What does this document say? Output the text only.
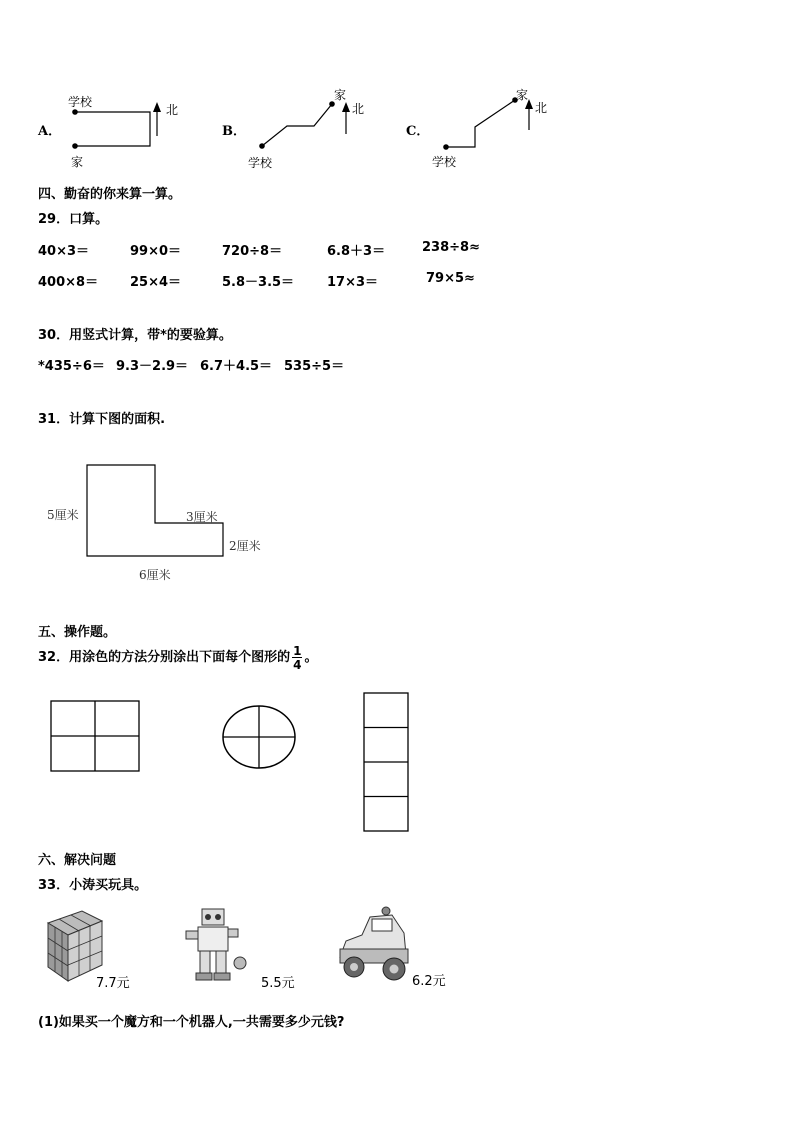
A．
学校
家
北
B．
学校
家
北
C．
学校
家
北
四、勤奋的你来算一算。
29．口算。
40×3＝	99×0＝	720÷8＝	6.8＋3＝	238÷8≈
400×8＝ 25×4＝	5.8－3.5＝	17×3＝	79×5≈
30．用竖式计算，带*的要验算。
*435÷6＝ 9.3－2.9＝ 6.7＋4.5＝ 535÷5＝
31．计算下图的面积.
5厘米	3厘米
2厘米
6厘米
五、操作题。
32．用涂色的方法分别涂出下面每个图形的 $\frac{1}{4}$ 。
六、解决问题
33．小涛买玩具。
7.7元	5.5元	6.2元
(1)如果买一个魔方和一个机器人,一共需要多少元钱?
